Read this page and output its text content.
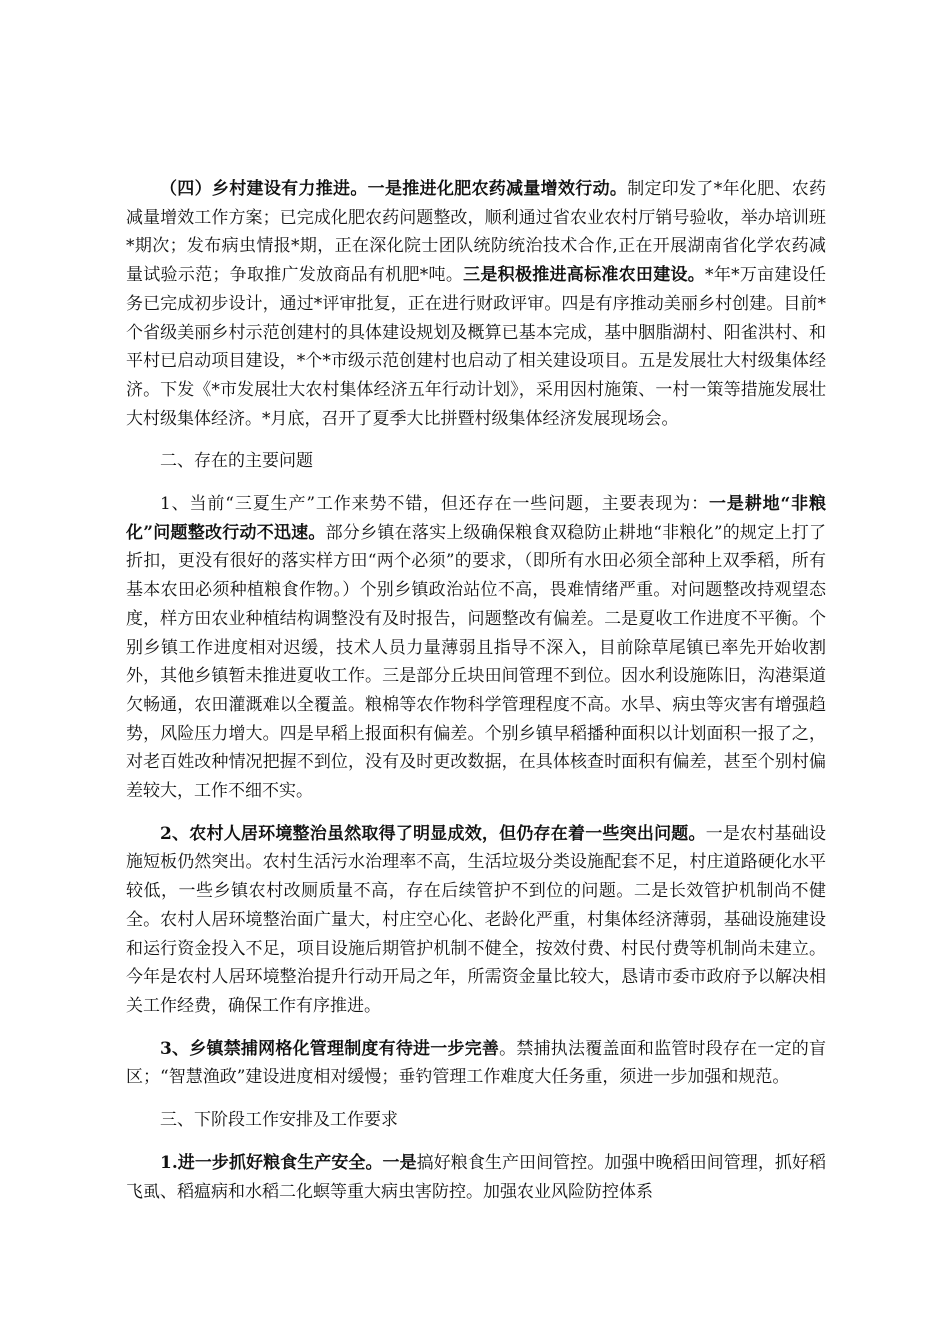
（四）乡村建设有力推进。一是推进化肥农药减量增效行动。制定印发了*年化肥、农药减量增效工作方案；已完成化肥农药问题整改，顺利通过省农业农村厅销号验收，举办培训班*期次；发布病虫情报*期，正在深化院士团队统防统治技术合作,正在开展湖南省化学农药减量试验示范；争取推广发放商品有机肥*吨。三是积极推进高标准农田建设。*年*万亩建设任务已完成初步设计，通过*评审批复，正在进行财政评审。四是有序推动美丽乡村创建。目前*个省级美丽乡村示范创建村的具体建设规划及概算已基本完成，基中胭脂湖村、阳雀洪村、和平村已启动项目建设，*个*市级示范创建村也启动了相关建设项目。五是发展壮大村级集体经济。下发《*市发展壮大农村集体经济五年行动计划》，采用因村施策、一村一策等措施发展壮大村级集体经济。*月底，召开了夏季大比拼暨村级集体经济发展现场会。

二、存在的主要问题

1、当前“三夏生产”工作来势不错，但还存在一些问题，主要表现为：一是耕地“非粮化”问题整改行动不迅速。部分乡镇在落实上级确保粮食双稳防止耕地“非粮化”的规定上打了折扣，更没有很好的落实样方田“两个必须”的要求，（即所有水田必须全部种上双季稻，所有基本农田必须种植粮食作物。）个别乡镇政治站位不高，畏难情绪严重。对问题整改持观望态度，样方田农业种植结构调整没有及时报告，问题整改有偏差。二是夏收工作进度不平衡。个别乡镇工作进度相对迟缓，技术人员力量薄弱且指导不深入，目前除草尾镇已率先开始收割外，其他乡镇暂未推进夏收工作。三是部分丘块田间管理不到位。因水利设施陈旧，沟港渠道欠畅通，农田灌溉难以全覆盖。粮棉等农作物科学管理程度不高。水旱、病虫等灾害有增强趋势，风险压力增大。四是早稻上报面积有偏差。个别乡镇早稻播种面积以计划面积一报了之，对老百姓改种情况把握不到位，没有及时更改数据，在具体核查时面积有偏差，甚至个别村偏差较大，工作不细不实。

2、农村人居环境整治虽然取得了明显成效，但仍存在着一些突出问题。一是农村基础设施短板仍然突出。农村生活污水治理率不高，生活垃圾分类设施配套不足，村庄道路硬化水平较低，一些乡镇农村改厕质量不高，存在后续管护不到位的问题。二是长效管护机制尚不健全。农村人居环境整治面广量大，村庄空心化、老龄化严重，村集体经济薄弱，基础设施建设和运行资金投入不足，项目设施后期管护机制不健全，按效付费、村民付费等机制尚未建立。今年是农村人居环境整治提升行动开局之年，所需资金量比较大，恳请市委市政府予以解决相关工作经费，确保工作有序推进。

3、乡镇禁捕网格化管理制度有待进一步完善。禁捕执法覆盖面和监管时段存在一定的盲区；“智慧渔政”建设进度相对缓慢；垂钓管理工作难度大任务重，须进一步加强和规范。

三、下阶段工作安排及工作要求

1.进一步抓好粮食生产安全。一是搞好粮食生产田间管控。加强中晚稻田间管理，抓好稻飞虱、稻瘟病和水稻二化螟等重大病虫害防控。加强农业风险防控体系
